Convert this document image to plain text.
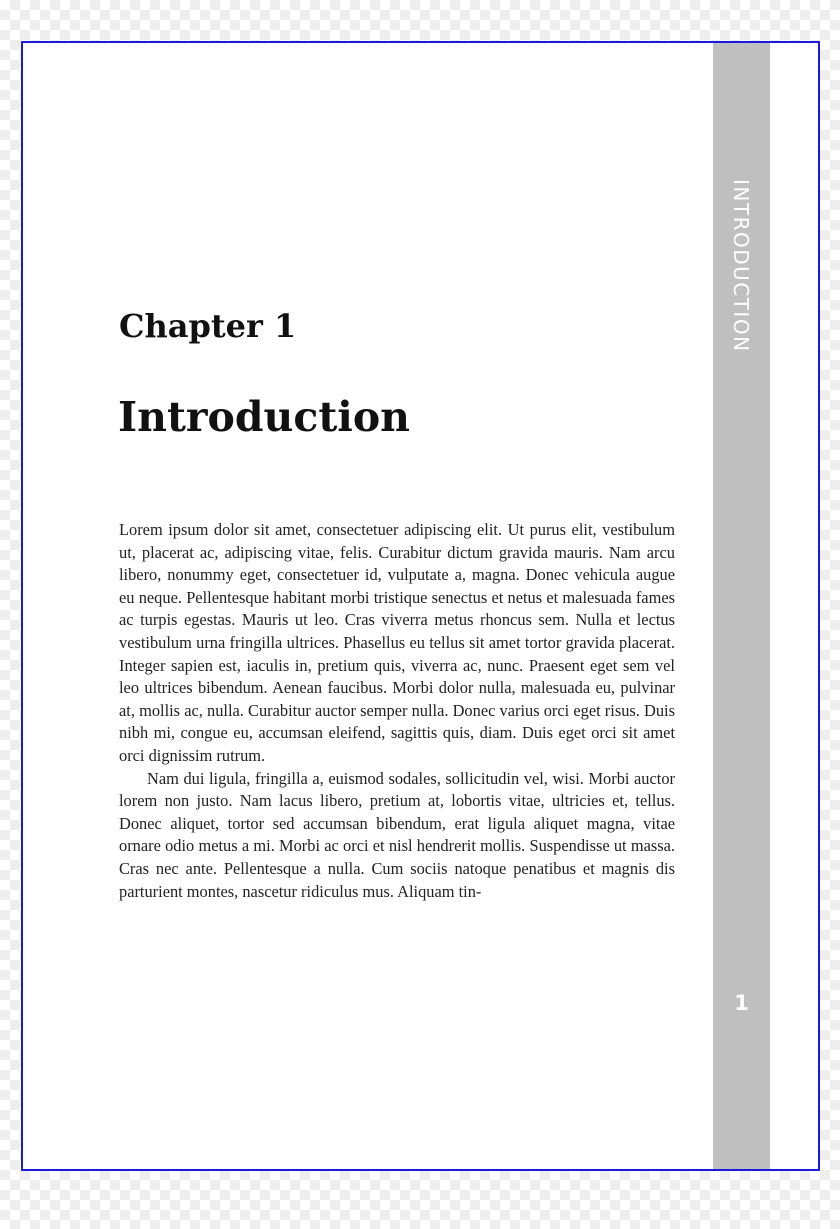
INTRODUCTION
1
Chapter 1
Introduction

Lorem ipsum dolor sit amet, consectetuer adipiscing elit. Ut purus elit, vestibulum ut, placerat ac, adipiscing vitae, felis. Curabitur dictum gravida mauris. Nam arcu libero, nonummy eget, consectetuer id, vulputate a, magna. Donec vehicula augue eu neque. Pellentesque habitant morbi tristique senectus et netus et malesuada fames ac turpis egestas. Mauris ut leo. Cras viverra metus rhoncus sem. Nulla et lectus vestibulum urna fringilla ultrices. Phasellus eu tellus sit amet tortor gravida placerat. Integer sapien est, iaculis in, pretium quis, viverra ac, nunc. Praesent eget sem vel leo ultrices bibendum. Aenean faucibus. Morbi dolor nulla, malesuada eu, pulvinar at, mollis ac, nulla. Curabitur auctor semper nulla. Donec varius orci eget risus. Duis nibh mi, congue eu, accumsan eleifend, sagittis quis, diam. Duis eget orci sit amet orci dignissim rutrum.

Nam dui ligula, fringilla a, euismod sodales, sollicitudin vel, wisi. Morbi auctor lorem non justo. Nam lacus libero, pretium at, lobortis vitae, ultricies et, tellus. Donec aliquet, tortor sed accumsan bibendum, erat ligula aliquet magna, vitae ornare odio metus a mi. Morbi ac orci et nisl hendrerit mollis. Suspendisse ut massa. Cras nec ante. Pellentesque a nulla. Cum sociis natoque penatibus et magnis dis parturient montes, nascetur ridiculus mus. Aliquam tin-
